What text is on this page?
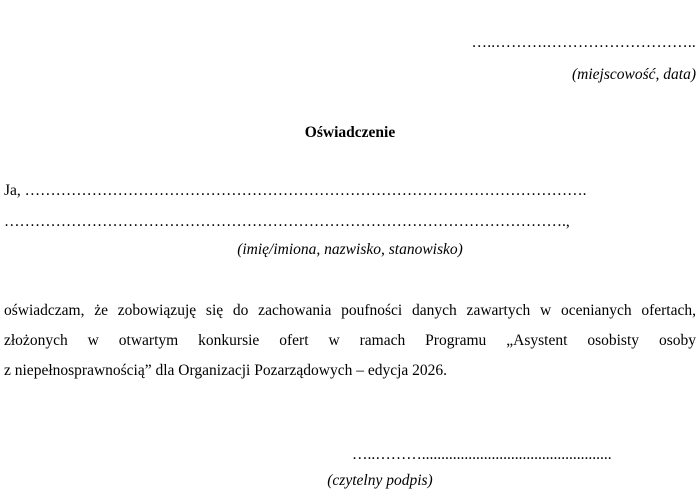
…..……….………………………..
(miejscowość, data)
Oświadczenie
Ja, ……………………………………………………………………………………………….
……………………………………………………………………………………………….,
(imię/imiona, nazwisko, stanowisko)
oświadczam, że zobowiązuję się do zachowania poufności danych zawartych w ocenianych ofertach,
złożonych w otwartym konkursie ofert w ramach Programu „Asystent osobisty osoby
z niepełnosprawnością” dla Organizacji Pozarządowych – edycja 2026.
…..……….................................................
(czytelny podpis)
